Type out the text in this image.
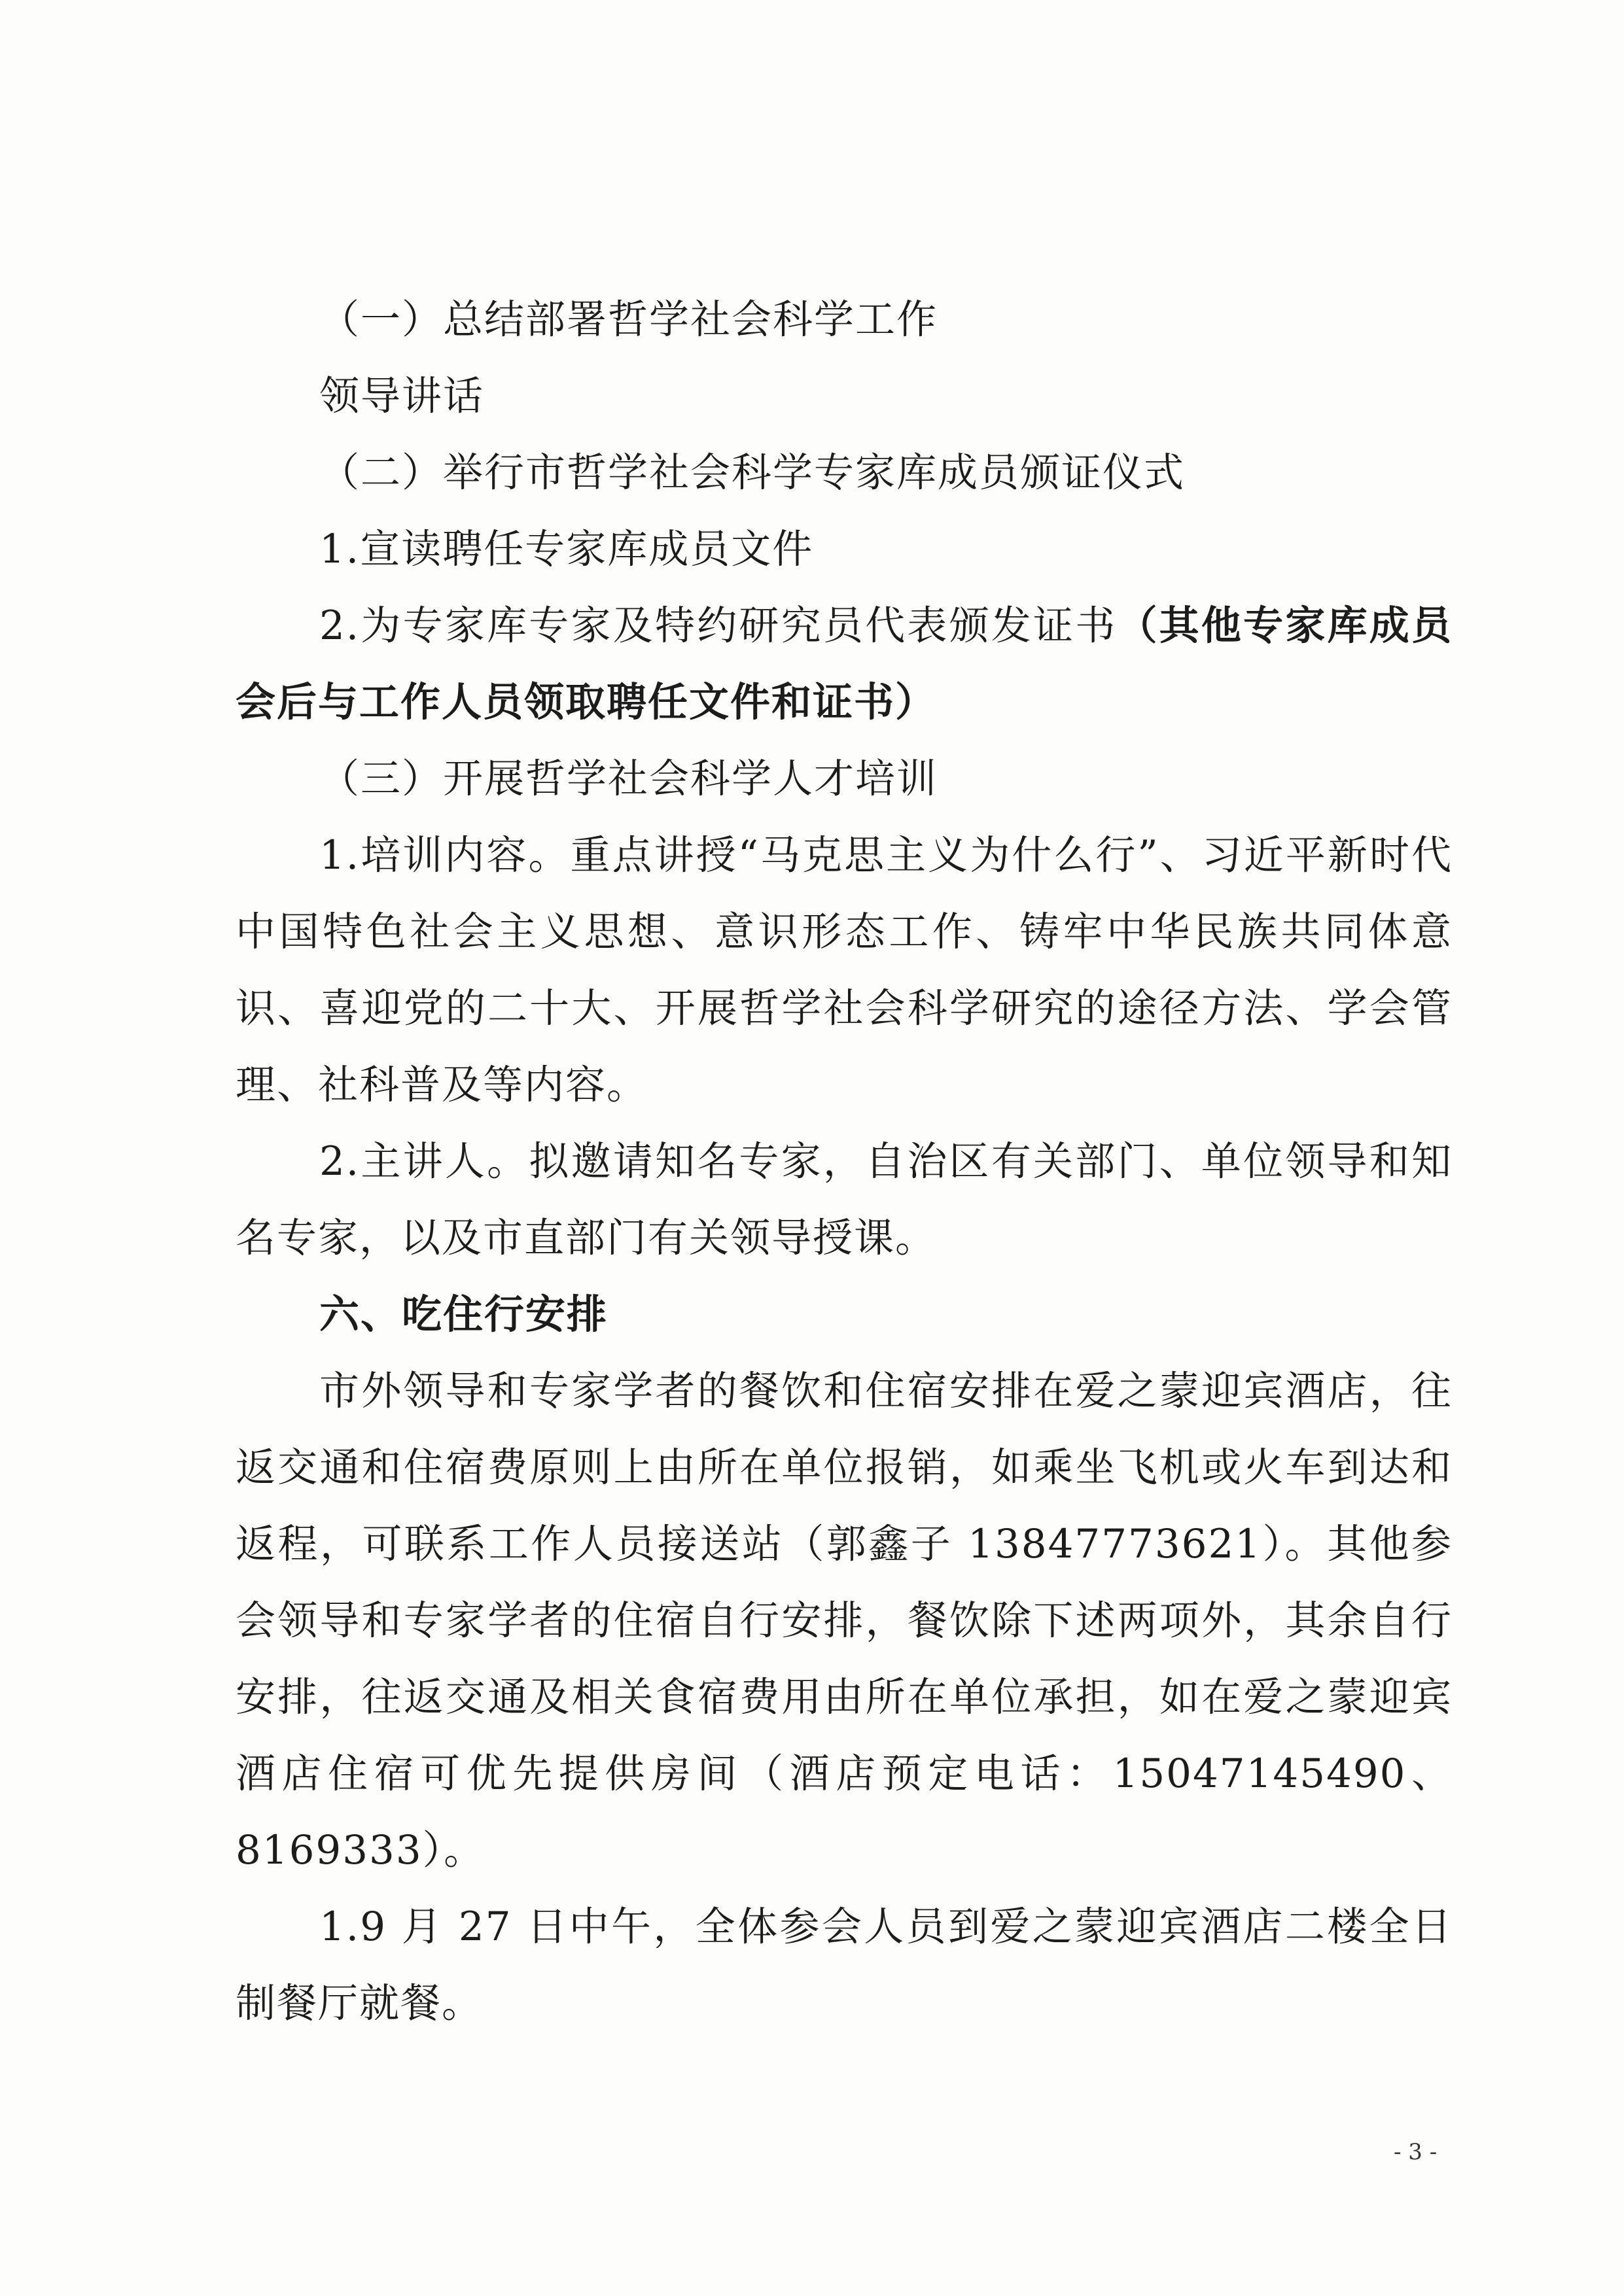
（一）总结部署哲学社会科学工作

领导讲话

（二）举行市哲学社会科学专家库成员颁证仪式

1.宣读聘任专家库成员文件

2.为专家库专家及特约研究员代表颁发证书（其他专家库成员会后与工作人员领取聘任文件和证书）

（三）开展哲学社会科学人才培训

1.培训内容。重点讲授“马克思主义为什么行”、习近平新时代中国特色社会主义思想、意识形态工作、铸牢中华民族共同体意识、喜迎党的二十大、开展哲学社会科学研究的途径方法、学会管理、社科普及等内容。

2.主讲人。拟邀请知名专家，自治区有关部门、单位领导和知名专家，以及市直部门有关领导授课。

六、吃住行安排

市外领导和专家学者的餐饮和住宿安排在爱之蒙迎宾酒店，往返交通和住宿费原则上由所在单位报销，如乘坐飞机或火车到达和返程，可联系工作人员接送站（郭鑫子 13847773621）。其他参会领导和专家学者的住宿自行安排，餐饮除下述两项外，其余自行安排，往返交通及相关食宿费用由所在单位承担，如在爱之蒙迎宾酒店住宿可优先提供房间（酒店预定电话：15047145490、8169333）。

1.9 月 27 日中午，全体参会人员到爱之蒙迎宾酒店二楼全日制餐厅就餐。

- 3 -
